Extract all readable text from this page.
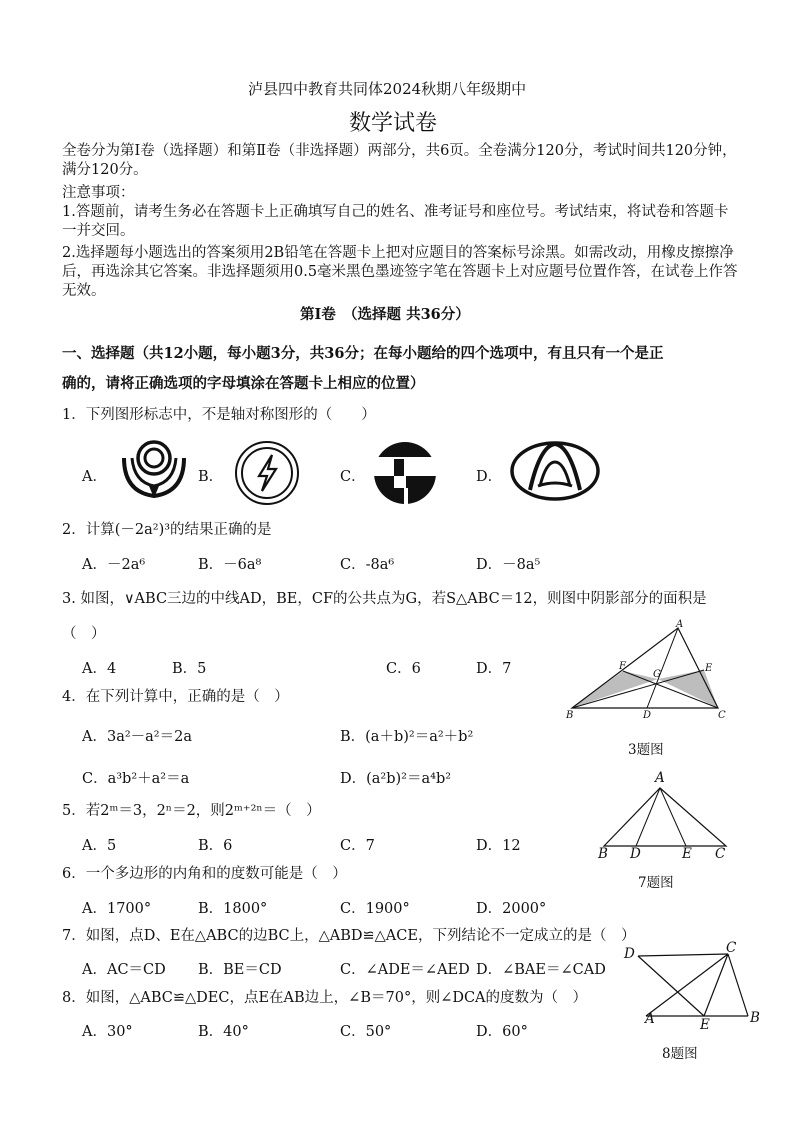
泸县四中教育共同体2024秋期八年级期中
数学试卷
全卷分为第Ⅰ卷（选择题）和第Ⅱ卷（非选择题）两部分，共6页。全卷满分120分，考试时间共120分钟，满分120分。
注意事项：
1.答题前，请考生务必在答题卡上正确填写自己的姓名、准考证号和座位号。考试结束，将试卷和答题卡一并交回。
2.选择题每小题选出的答案须用2B铅笔在答题卡上把对应题目的答案标号涂黑。如需改动，用橡皮擦擦净后，再选涂其它答案。非选择题须用0.5毫米黑色墨迹签字笔在答题卡上对应题号位置作答，在试卷上作答无效。
第Ⅰ卷　（选择题 共36分）
一、选择题（共12小题，每小题3分，共36分；在每小题给的四个选项中，有且只有一个是正
确的，请将正确选项的字母填涂在答题卡上相应的位置）
1．下列图形标志中，不是轴对称图形的（　　）
A．	B．	C．	D．
2．计算(－2a²)³的结果正确的是
A．－2a⁶	B．－6a⁸	C．-8a⁶	D．－8a⁵
3. 如图，∨ABC三边的中线AD，BE，CF的公共点为G，若S△ABC＝12，则图中阴影部分的面积是
（　）
A．4	B．5	C．6	D．7
A
B	C
D
E
F
G
3题图
4．在下列计算中，正确的是（　）
A．3a²－a²＝2a	B．(a＋b)²＝a²＋b²
C．a³b²＋a²＝a	D．(a²b)²＝a⁴b²
5．若2ᵐ＝3，2ⁿ＝2，则2ᵐ⁺²ⁿ＝（　）
A．5	B．6	C．7	D．12
A
B D	E C
7题图
6．一个多边形的内角和的度数可能是（　）
A．1700°	B．1800°	C．1900°	D．2000°
7．如图，点D、E在△ABC的边BC上，△ABD≌△ACE，下列结论不一定成立的是（　）
A．AC＝CD B．BE＝CD	C．∠ADE＝∠AED D．∠BAE＝∠CAD
D	C
A	E	B
8题图
8．如图，△ABC≌△DEC，点E在AB边上，∠B＝70°，则∠DCA的度数为（　）
A．30°	B．40°	C．50°	D．60°
